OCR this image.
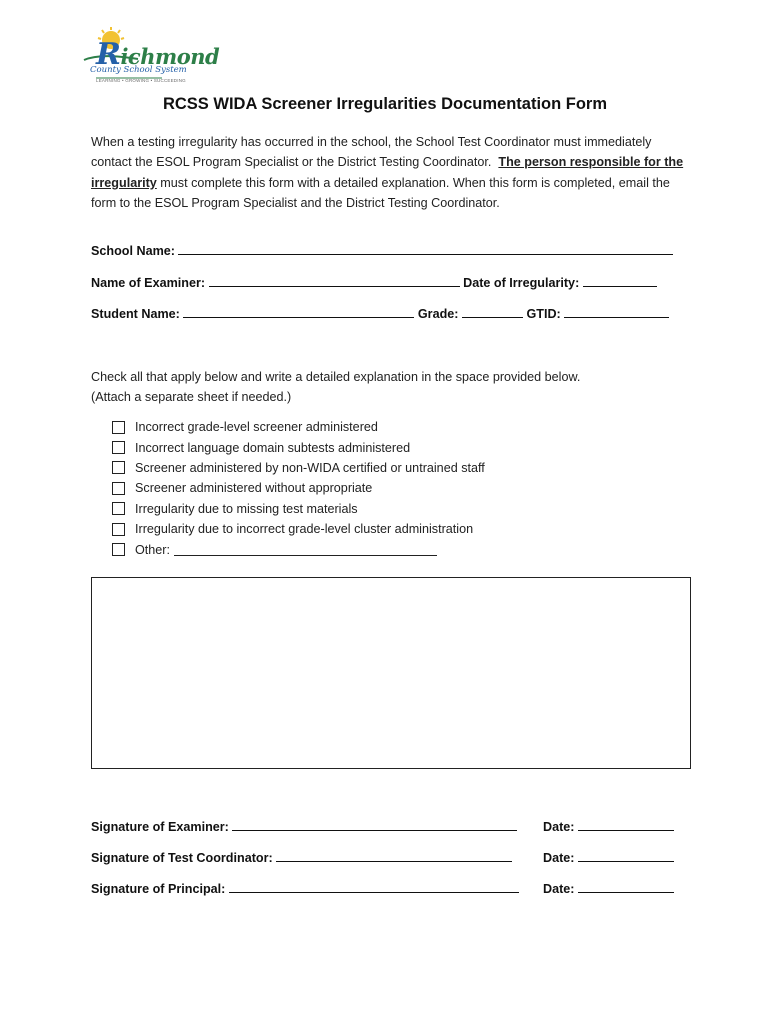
Richmond
County School System
LEARNING • GROWING • SUCCEEDING
RCSS WIDA Screener Irregularities Documentation Form
When a testing irregularity has occurred in the school, the School Test Coordinator must immediately contact the ESOL Program Specialist or the District Testing Coordinator. The person responsible for the irregularity must complete this form with a detailed explanation. When this form is completed, email the form to the ESOL Program Specialist and the District Testing Coordinator.
School Name:
Name of Examiner:	Date of Irregularity:
Student Name:	Grade:	GTID:
Check all that apply below and write a detailed explanation in the space provided below.
(Attach a separate sheet if needed.)
Incorrect grade-level screener administered
Incorrect language domain subtests administered
Screener administered by non-WIDA certified or untrained staff
Screener administered without appropriate
Irregularity due to missing test materials
Irregularity due to incorrect grade-level cluster administration
Other:
Signature of Examiner:	Date:
Signature of Test Coordinator:	Date:
Signature of Principal:	Date:
